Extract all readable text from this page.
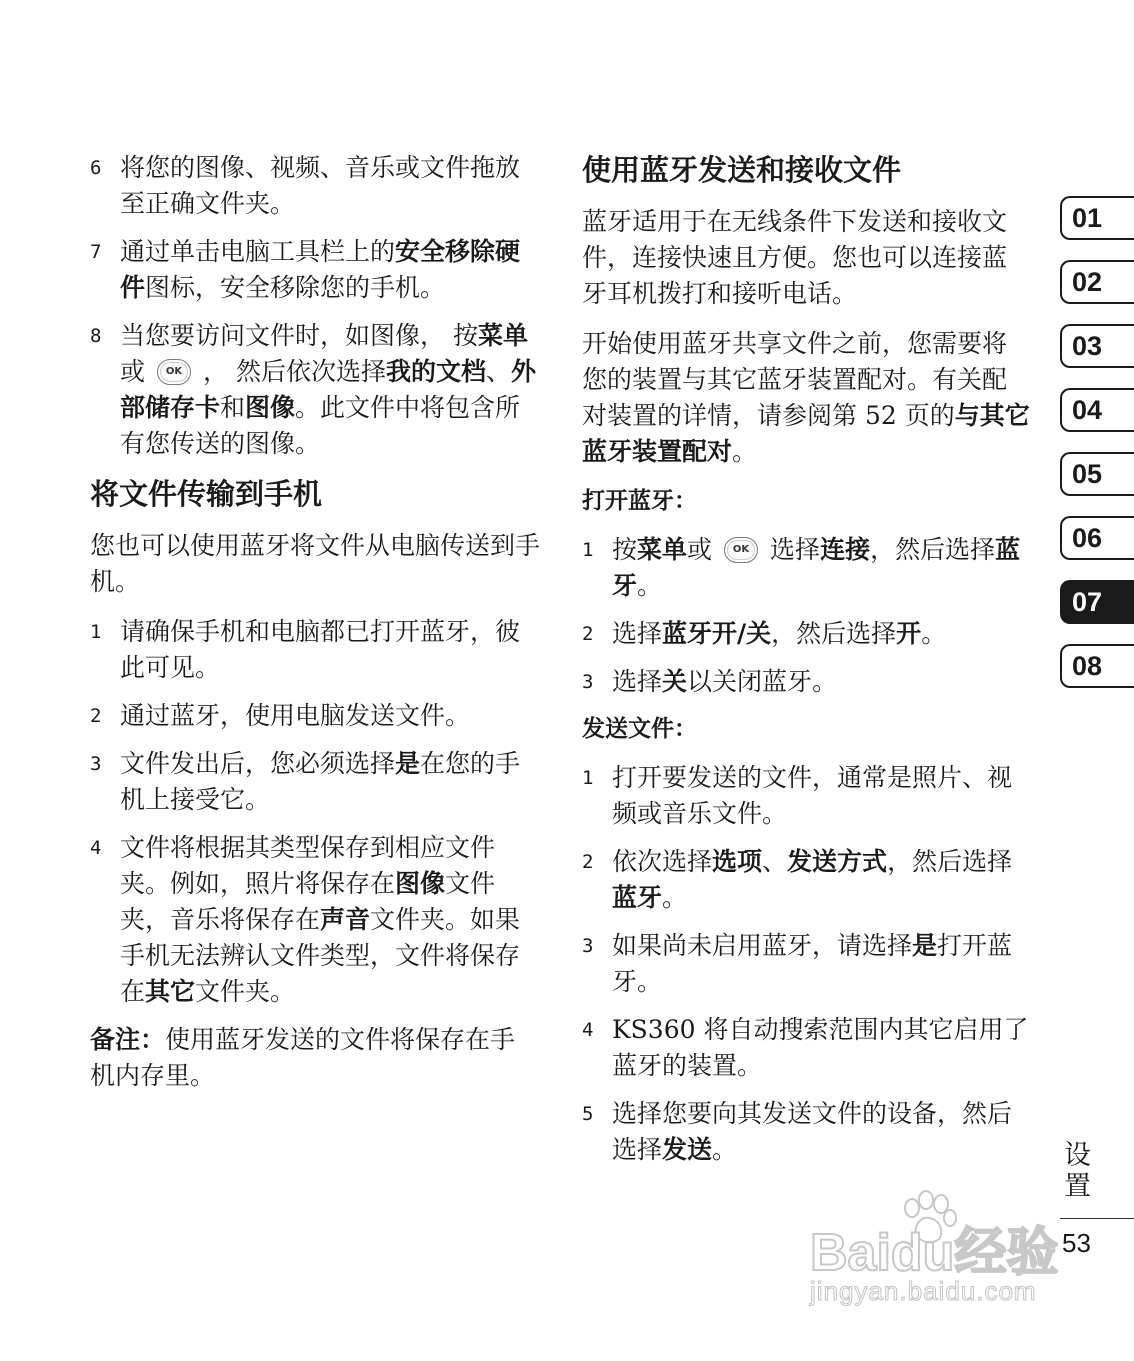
6 将您的图像、视频、音乐或文件拖放至正确文件夹。
7 通过单击电脑工具栏上的安全移除硬件图标，安全移除您的手机。
8 当您要访问文件时，如图像， 按菜单或 OK ， 然后依次选择我的文档、外部储存卡和图像。此文件中将包含所有您传送的图像。
将文件传输到手机

您也可以使用蓝牙将文件从电脑传送到手机。

1 请确保手机和电脑都已打开蓝牙，彼此可见。
2 通过蓝牙，使用电脑发送文件。
3 文件发出后，您必须选择是在您的手机上接受它。
4 文件将根据其类型保存到相应文件夹。例如，照片将保存在图像文件夹，音乐将保存在声音文件夹。如果手机无法辨认文件类型，文件将保存在其它文件夹。

备注：使用蓝牙发送的文件将保存在手机内存里。

使用蓝牙发送和接收文件

蓝牙适用于在无线条件下发送和接收文件，连接快速且方便。您也可以连接蓝牙耳机拨打和接听电话。

开始使用蓝牙共享文件之前，您需要将您的装置与其它蓝牙装置配对。有关配对装置的详情，请参阅第 52 页的与其它蓝牙装置配对。

打开蓝牙：
1 按菜单或 OK 选择连接，然后选择蓝牙。
2 选择蓝牙开/关，然后选择开。
3 选择关以关闭蓝牙。
发送文件：
1 打开要发送的文件，通常是照片、视频或音乐文件。
2 依次选择选项、发送方式，然后选择蓝牙。
3 如果尚未启用蓝牙，请选择是打开蓝牙。
4 KS360 将自动搜索范围内其它启用了蓝牙的装置。
5 选择您要向其发送文件的设备，然后选择发送。
01
02
03
04
05
06
07
08
设置
53
Baidu经验
jingyan.baidu.com
